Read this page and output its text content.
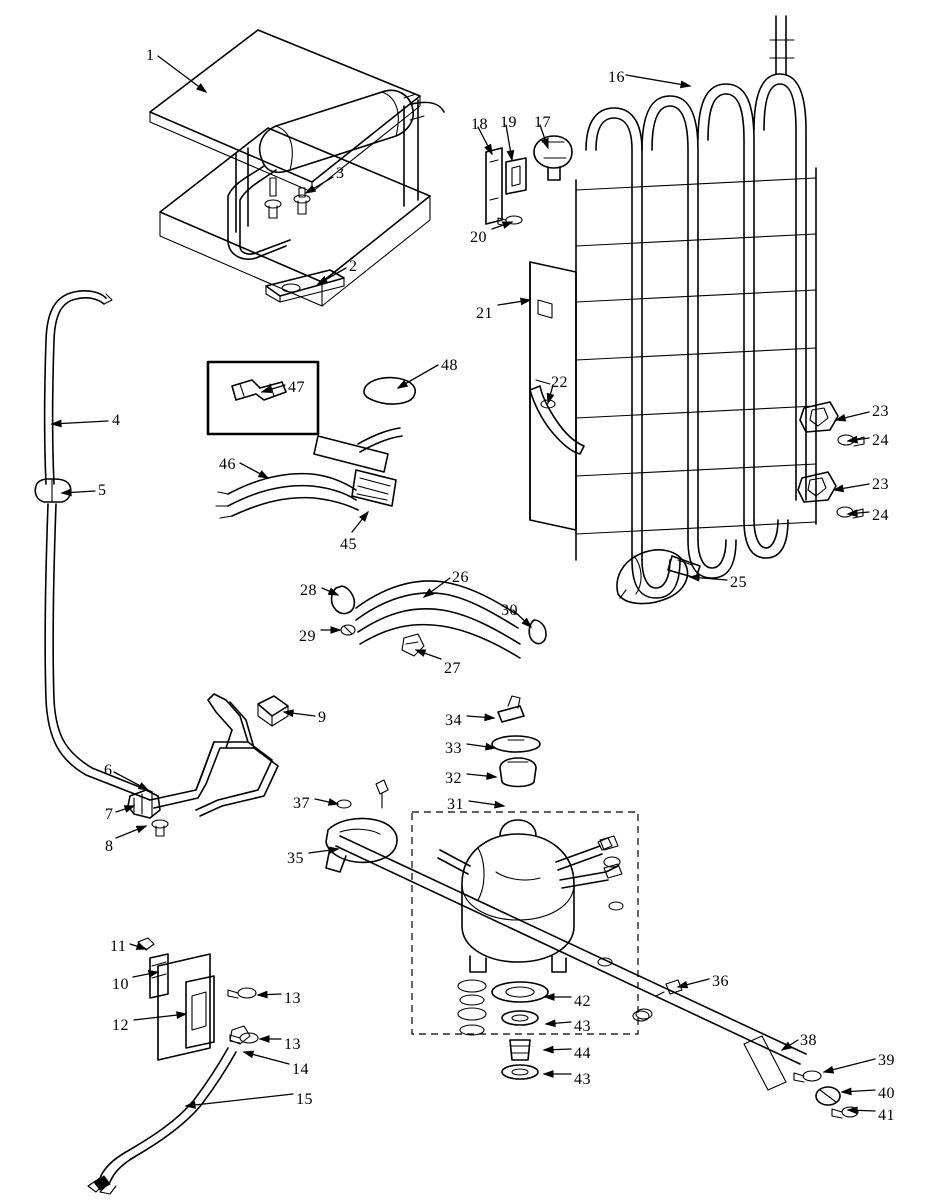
1
2
3
4
5
6
7
8
9
10
11
12
13
13
14
15
16
17
18 19
20
21
22
23
24
23
24
25
26
27
28
29
30
31
32
33
34
35
36
37
38
39
40
41
42
43
44
43
45
46
47
48
